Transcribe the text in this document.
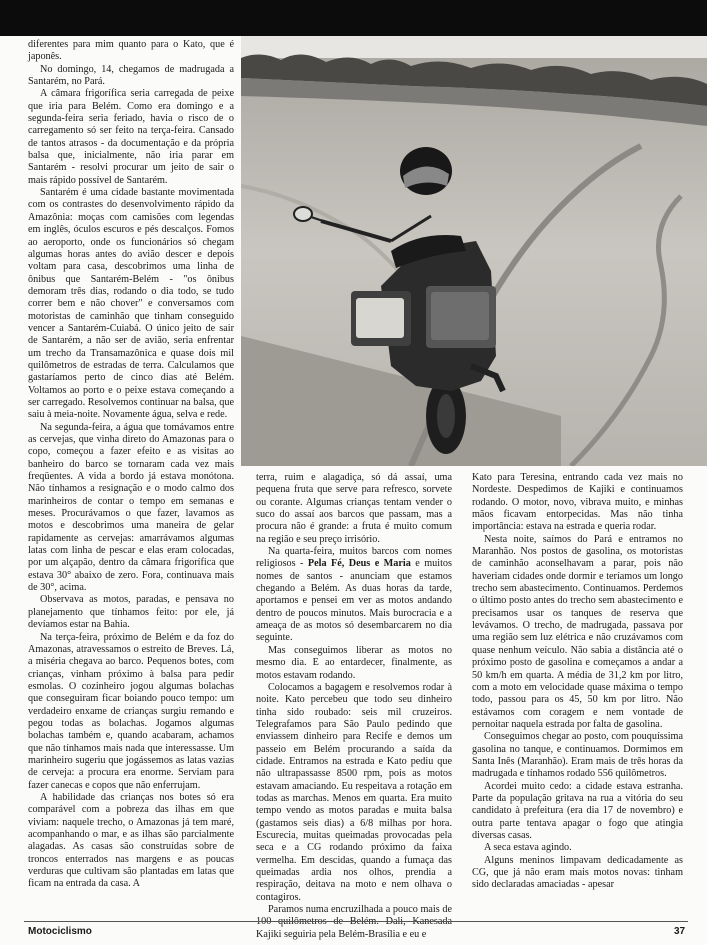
diferentes para mim quanto para o Kato, que é japonês.

No domingo, 14, chegamos de madrugada a Santarém, no Pará.

A câmara frigorífica seria carregada de peixe que iria para Belém. Como era domingo e a segunda-feira seria feriado, havia o risco de o carregamento só ser feito na terça-feira. Cansado de tantos atrasos - da documentação e da própria balsa que, inicialmente, não iria parar em Santarém - resolvi procurar um jeito de sair o mais rápido possível de Santarém.

Santarém é uma cidade bastante movimentada com os contrastes do desenvolvimento rápido da Amazônia: moças com camisões com legendas em inglês, óculos escuros e pés descalços. Fomos ao aeroporto, onde os funcionários só chegam algumas horas antes do avião descer e depois voltam para casa, descobrimos uma linha de ônibus que Santarém-Belém - "os ônibus demoram três dias, rodando o dia todo, se tudo correr bem e não chover" e conversamos com motoristas de caminhão que tinham conseguido vencer a Santarém-Cuiabá. O único jeito de sair de Santarém, a não ser de avião, seria enfrentar um trecho da Transamazônica e quase dois mil quilômetros de estradas de terra. Calculamos que gastaríamos perto de cinco dias até Belém. Voltamos ao porto e o peixe estava começando a ser carregado. Resolvemos continuar na balsa, que saiu à meia-noite. Novamente água, selva e rede.

Na segunda-feira, a água que tomávamos entre as cervejas, que vinha direto do Amazonas para o copo, começou a fazer efeito e as visitas ao banheiro do barco se tornaram cada vez mais freqüentes. A vida a bordo já estava monótona. Não tínhamos a resignação e o modo calmo dos marinheiros de contar o tempo em semanas e meses. Procurávamos o que fazer, lavamos as motos e descobrimos uma maneira de gelar rapidamente as cervejas: amarrávamos algumas latas com linha de pescar e elas eram colocadas, por um alçapão, dentro da câmara frigorífica que estava 30° abaixo de zero. Fora, continuava mais de 30°, acima.

Observava as motos, paradas, e pensava no planejamento que tínhamos feito: por ele, já devíamos estar na Bahia.

Na terça-feira, próximo de Belém e da foz do Amazonas, atravessamos o estreito de Breves. Lá, a miséria chegava ao barco. Pequenos botes, com crianças, vinham próximo à balsa para pedir esmolas. O cozinheiro jogou algumas bolachas que conseguiram ficar boiando pouco tempo: um verdadeiro enxame de crianças surgiu remando e pegou todas as bolachas. Jogamos algumas bolachas também e, quando acabaram, achamos que não tínhamos mais nada que interessasse. Um marinheiro sugeriu que jogássemos as latas vazias de cerveja: a procura era enorme. Serviam para fazer canecas e copos que não enferrujam.

A habilidade das crianças nos botes só era comparável com a pobreza das ilhas em que viviam: naquele trecho, o Amazonas já tem maré, acompanhando o mar, e as ilhas são parcialmente alagadas. As casas são construídas sobre de troncos enterrados nas margens e as poucas verduras que cultivam são plantadas em latas que ficam na entrada da casa. A

terra, ruim e alagadiça, só dá assaí, uma pequena fruta que serve para refresco, sorvete ou corante. Algumas crianças tentam vender o suco do assaí aos barcos que passam, mas a procura não é grande: a fruta é muito comum na região e seu preço irrisório.

Na quarta-feira, muitos barcos com nomes religiosos - Pela Fé, Deus e Maria e muitos nomes de santos - anunciam que estamos chegando a Belém. As duas horas da tarde, aportamos e pensei em ver as motos andando dentro de poucos minutos. Mais burocracia e a ameaça de as motos só desembarcarem no dia seguinte.

Mas conseguimos liberar as motos no mesmo dia. E ao entardecer, finalmente, as motos estavam rodando.

Colocamos a bagagem e resolvemos rodar à noite. Kato percebeu que todo seu dinheiro tinha sido roubado: seis mil cruzeiros. Telegrafamos para São Paulo pedindo que enviassem dinheiro para Recife e demos um passeio em Belém procurando a saída da cidade. Entramos na estrada e Kato pediu que não ultrapassasse 8500 rpm, pois as motos estavam amaciando. Eu respeitava a rotação em todas as marchas. Menos em quarta. Era muito tempo vendo as motos paradas e muita balsa (gastamos seis dias) a 6/8 milhas por hora. Escurecia, muitas queimadas provocadas pela seca e a CG rodando próximo da faixa vermelha. Em descidas, quando a fumaça das queimadas ardia nos olhos, prendia a respiração, deitava na moto e nem olhava o contagiros.

Paramos numa encruzilhada a pouco mais de Kajiki seguiria pela Belém-Brasília e eu e

Kato para Teresina, entrando cada vez mais no Nordeste. Despedimos de Kajiki e continuamos rodando. O motor, novo, vibrava muito, e minhas mãos ficavam entorpecidas. Mas não tinha importância: estava na estrada e queria rodar.

Nesta noite, saímos do Pará e entramos no Maranhão. Nos postos de gasolina, os motoristas de caminhão aconselhavam a parar, pois não haveriam cidades onde dormir e teríamos um longo trecho sem abastecimento. Continuamos. Perdemos o último posto antes do trecho sem abastecimento e precisamos usar os tanques de reserva que levávamos. O trecho, de madrugada, passava por uma região sem luz elétrica e não cruzávamos com quase nenhum veículo. Não sabia a distância até o próximo posto de gasolina e começamos a andar a 50 km/h em quarta. A média de 31,2 km por litro, com a moto em velocidade quase máxima o tempo todo, passou para os 45, 50 km por litro. Não estávamos com coragem e nem vontade de pernoitar naquela estrada por falta de gasolina.

Conseguimos chegar ao posto, com pouquíssima gasolina no tanque, e continuamos. Dormimos em Santa Inês (Maranhão). Eram mais de três horas da madrugada e tínhamos rodado 556 quilômetros.

Acordei muito cedo: a cidade estava estranha. Parte da população gritava na rua a vitória do seu candidato à prefeitura (era dia 17 de novembro) e outra parte tentava apagar o fogo que atingia diversas casas.

A seca estava agindo.

Alguns meninos limpavam dedicadamente as CG, que já não eram mais motos novas: tinham sido declaradas amaciadas - apesar

Motociclismo	37
